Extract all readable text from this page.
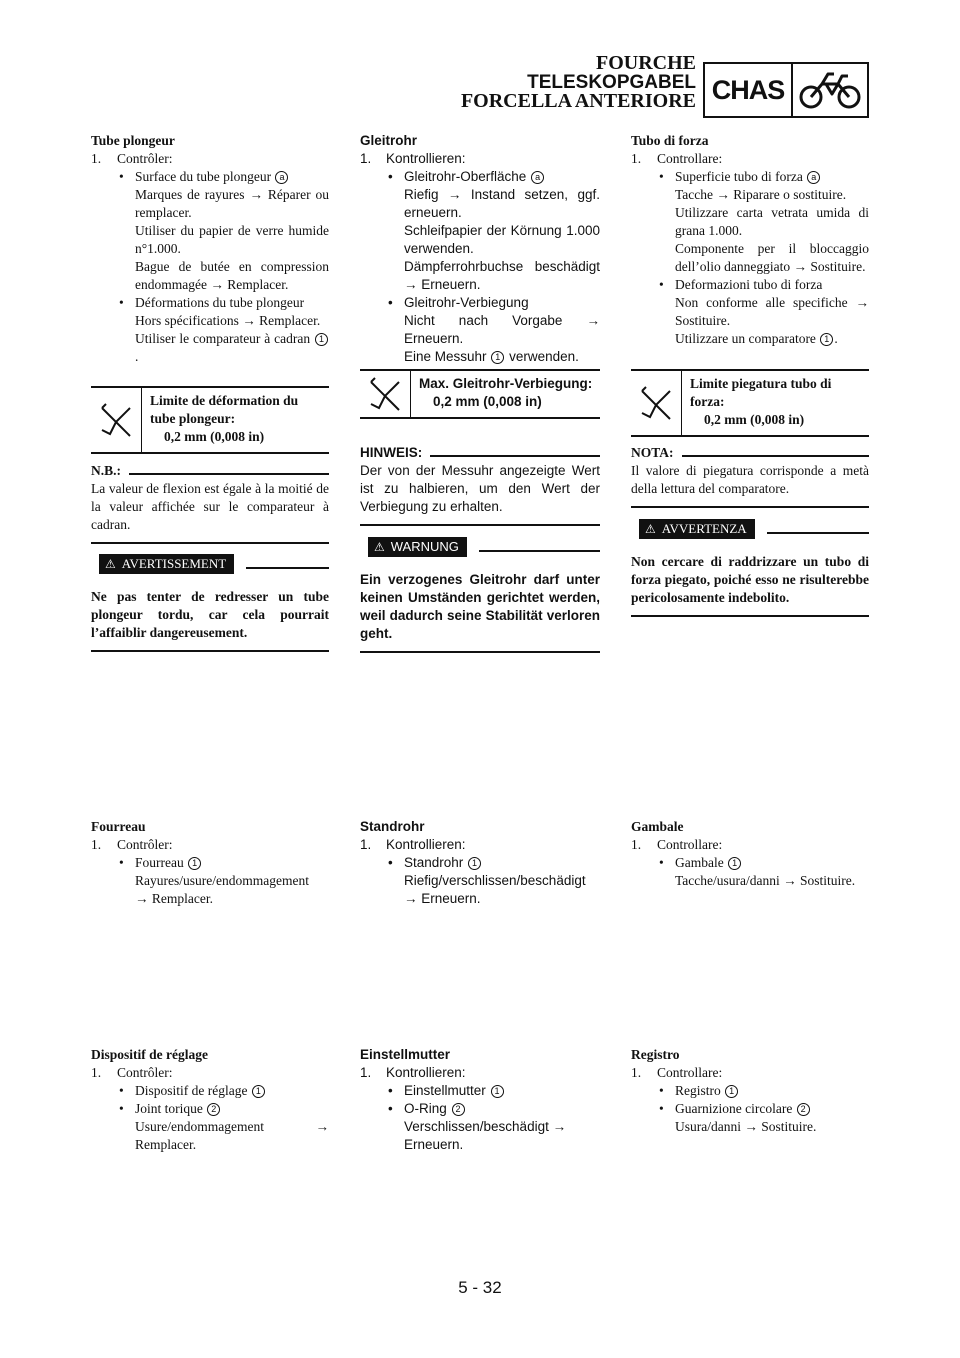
FOURCHE
TELESKOPGABEL
FORCELLA ANTERIORE CHAS
Tube plongeur
1.	Contrôler:
• Surface du tube plongeur a
Marques de rayures → Réparer ou remplacer.
Utiliser du papier de verre humide n°1.000.
Bague de butée en compression endommagée → Remplacer.
• Déformations du tube plongeur
Hors spécifications → Remplacer.
Utiliser le comparateur à cadran 1.
Limite de déformation du tube plongeur:
0,2 mm (0,008 in)
N.B.:
La valeur de flexion est égale à la moitié de la valeur affichée sur le comparateur à cadran.
⚠ AVERTISSEMENT
Ne pas tenter de redresser un tube plongeur tordu, car cela pourrait l’affaiblir dangereusement.
Fourreau
1.	Contrôler:
• Fourreau 1
Rayures/usure/endommagement
→ Remplacer.
Dispositif de réglage
1.	Contrôler:
• Dispositif de réglage 1
• Joint torique 2
Usure/endommagement → Remplacer.
Gleitrohr
1.	Kontrollieren:
• Gleitrohr-Oberfläche a
Riefig → Instand setzen, ggf. erneuern.
Schleifpapier der Körnung 1.000 verwenden.
Dämpferrohrbuchse beschädigt → Erneuern.
• Gleitrohr-Verbiegung
Nicht nach Vorgabe → Erneuern.
Eine Messuhr 1 verwenden.
Max. Gleitrohr-Verbiegung:
0,2 mm (0,008 in)
HINWEIS:
Der von der Messuhr angezeigte Wert ist zu halbieren, um den Wert der Verbiegung zu erhalten.
⚠ WARNUNG
Ein verzogenes Gleitrohr darf unter keinen Umständen gerichtet werden, weil dadurch seine Stabilität verloren geht.
Standrohr
1.	Kontrollieren:
• Standrohr 1
Riefig/verschlissen/beschädigt → Erneuern.
Einstellmutter
1.	Kontrollieren:
• Einstellmutter 1
• O-Ring 2
Verschlissen/beschädigt → Erneuern.
Tubo di forza
1.	Controllare:
• Superficie tubo di forza a
Tacche → Riparare o sostituire.
Utilizzare carta vetrata umida di grana 1.000.
Componente per il bloccaggio dell’olio danneggiato → Sostituire.
• Deformazioni tubo di forza
Non conforme alle specifiche → Sostituire.
Utilizzare un comparatore 1 .
Limite piegatura tubo di forza:
0,2 mm (0,008 in)
NOTA:
Il valore di piegatura corrisponde a metà della lettura del comparatore.
⚠ AVVERTENZA
Non cercare di raddrizzare un tubo di forza piegato, poiché esso ne risulterebbe pericolosamente indebolito.
Gambale
1.	Controllare:
• Gambale 1
Tacche/usura/danni → Sostituire.
Registro
1.	Controllare:
• Registro 1
• Guarnizione circolare 2
Usura/danni → Sostituire.
5 - 32
